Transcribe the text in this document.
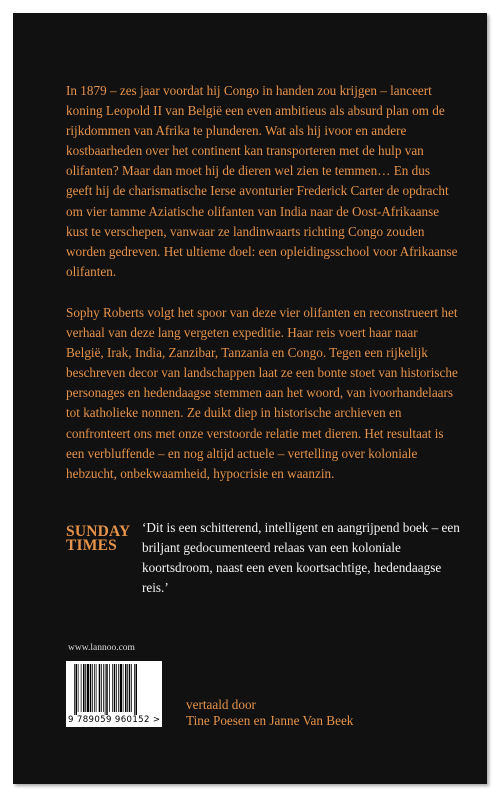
In 1879 – zes jaar voordat hij Congo in handen zou krijgen – lanceert koning Leopold II van België een even ambitieus als absurd plan om de rijkdommen van Afrika te plunderen. Wat als hij ivoor en andere kostbaarheden over het continent kan transporteren met de hulp van olifanten? Maar dan moet hij de dieren wel zien te temmen… En dus geeft hij de charismatische Ierse avonturier Frederick Carter de opdracht om vier tamme Aziatische olifanten van India naar de Oost-Afrikaanse kust te verschepen, vanwaar ze landinwaarts richting Congo zouden worden gedreven. Het ultieme doel: een opleidingsschool voor Afrikaanse olifanten.

Sophy Roberts volgt het spoor van deze vier olifanten en reconstrueert het verhaal van deze lang vergeten expeditie. Haar reis voert haar naar België, Irak, India, Zanzibar, Tanzania en Congo. Tegen een rijkelijk beschreven decor van landschappen laat ze een bonte stoet van historische personages en hedendaagse stemmen aan het woord, van ivoorhandelaars tot katholieke nonnen. Ze duikt diep in historische archieven en confronteert ons met onze verstoorde relatie met dieren. Het resultaat is een verbluffende – en nog altijd actuele – vertelling over koloniale hebzucht, onbekwaamheid, hypocrisie en waanzin.

SUNDAY
TIMES
‘Dit is een schitterend, intelligent en aangrijpend boek – een briljant gedocumenteerd relaas van een koloniale koortsdroom, naast een even koortsachtige, hedendaagse reis.’
www.lannoo.com
9 789059 960152 >
vertaald door
Tine Poesen en Janne Van Beek
